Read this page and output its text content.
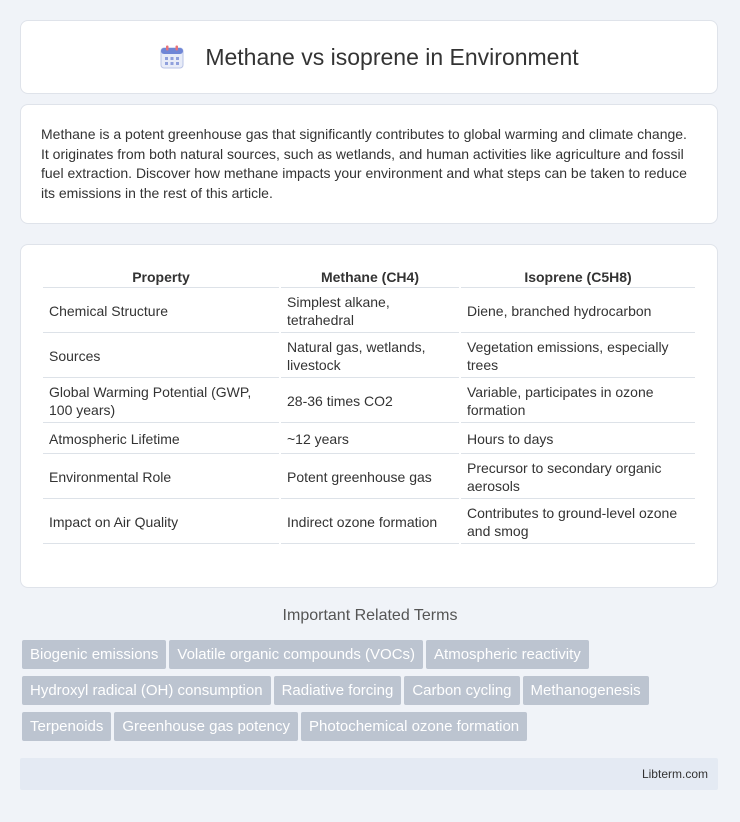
Methane vs isoprene in Environment

Methane is a potent greenhouse gas that significantly contributes to global warming and climate change. It originates from both natural sources, such as wetlands, and human activities like agriculture and fossil fuel extraction. Discover how methane impacts your environment and what steps can be taken to reduce its emissions in the rest of this article.

Property	Methane (CH4)	Isoprene (C5H8)
Chemical Structure	Simplest alkane, tetrahedral	Diene, branched hydrocarbon
Sources	Natural gas, wetlands, livestock	Vegetation emissions, especially trees
Global Warming Potential (GWP, 100 years)	28-36 times CO2	Variable, participates in ozone formation
Atmospheric Lifetime	~12 years	Hours to days
Environmental Role	Potent greenhouse gas	Precursor to secondary organic aerosols
Impact on Air Quality	Indirect ozone formation	Contributes to ground-level ozone and smog
Important Related Terms
Biogenic emissions Volatile organic compounds (VOCs) Atmospheric reactivity
Hydroxyl radical (OH) consumption Radiative forcing Carbon cycling Methanogenesis
Terpenoids Greenhouse gas potency Photochemical ozone formation
Libterm.com
